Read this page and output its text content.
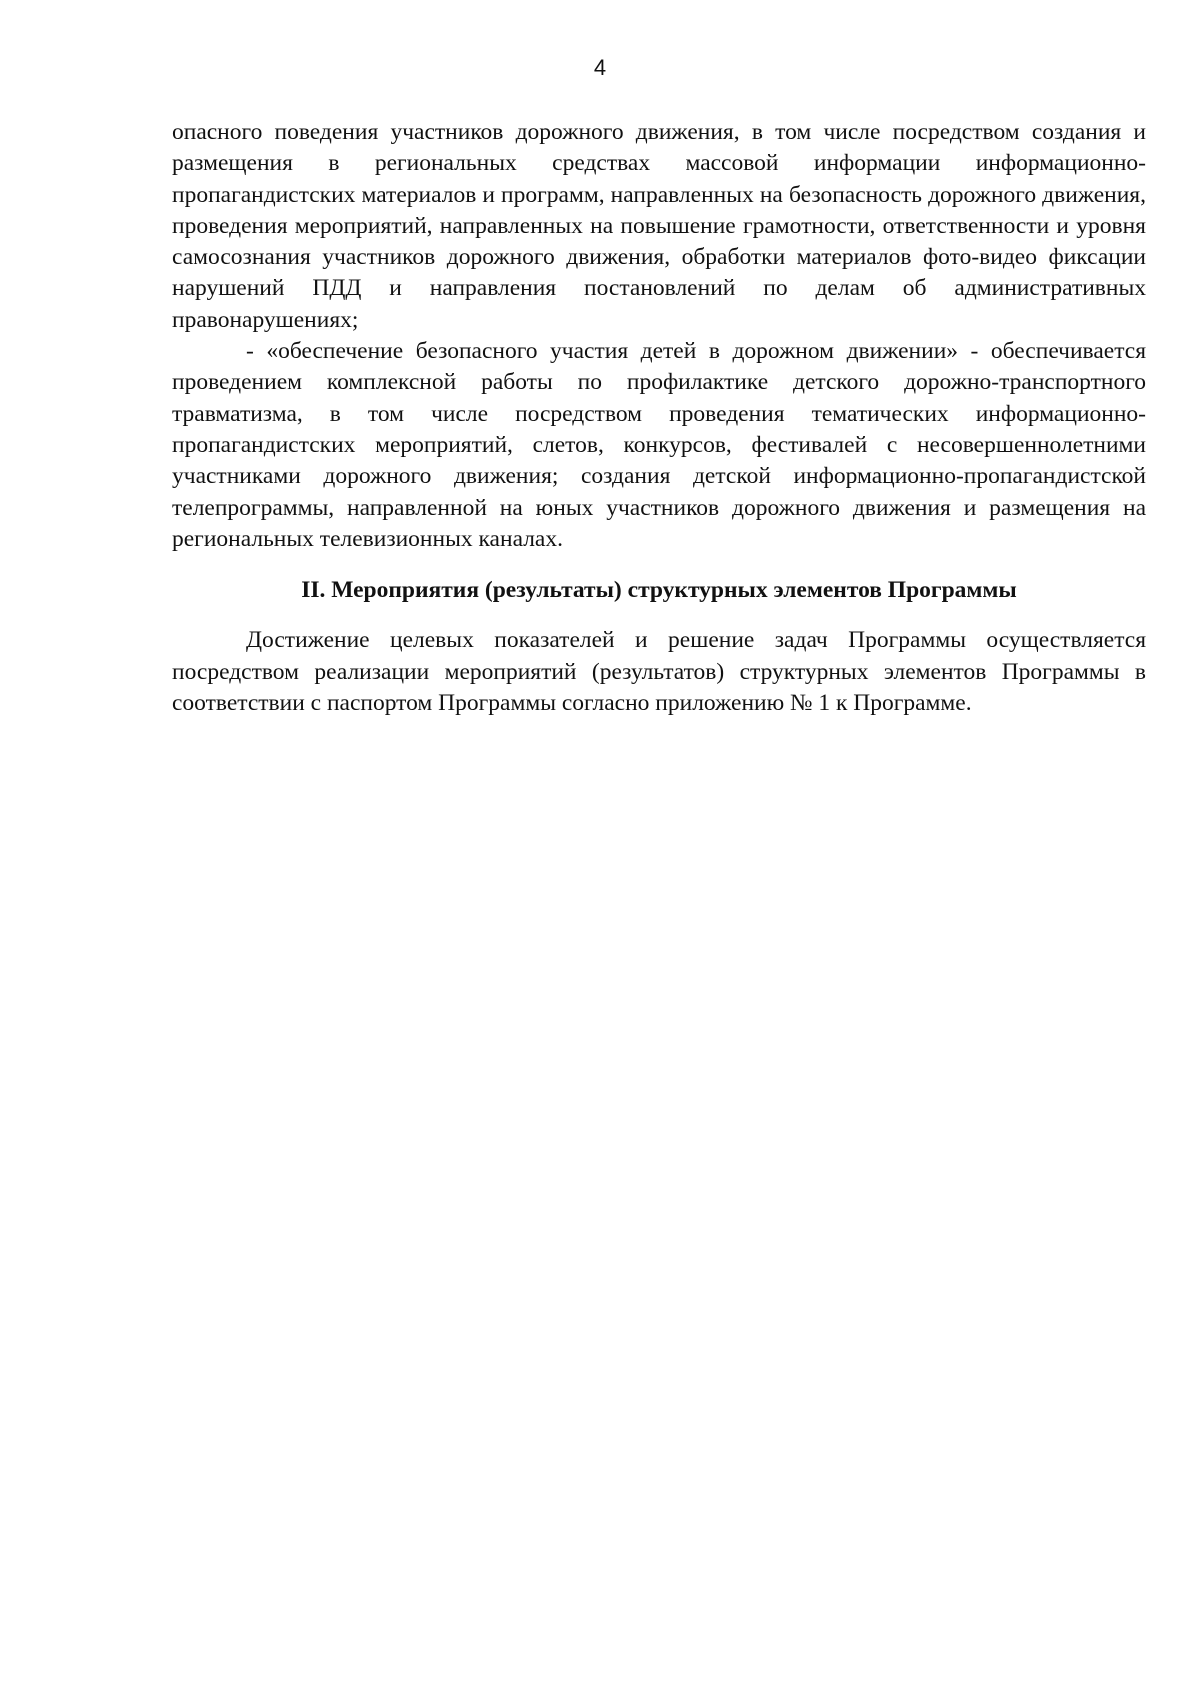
4

опасного поведения участников дорожного движения, в том числе посредством создания и размещения в региональных средствах массовой информации информационно-пропагандистских материалов и программ, направленных на безопасность дорожного движения, проведения мероприятий, направленных на повышение грамотности, ответственности и уровня самосознания участников дорожного движения, обработки материалов фото-видео фиксации нарушений ПДД и направления постановлений по делам об административных правонарушениях;

- «обеспечение безопасного участия детей в дорожном движении» - обеспечивается проведением комплексной работы по профилактике детского дорожно-транспортного травматизма, в том числе посредством проведения тематических информационно-пропагандистских мероприятий, слетов, конкурсов, фестивалей с несовершеннолетними участниками дорожного движения; создания детской информационно-пропагандистской телепрограммы, направленной на юных участников дорожного движения и размещения на региональных телевизионных каналах.

II. Мероприятия (результаты) структурных элементов Программы

Достижение целевых показателей и решение задач Программы осуществляется посредством реализации мероприятий (результатов) структурных элементов Программы в соответствии с паспортом Программы согласно приложению № 1 к Программе.
